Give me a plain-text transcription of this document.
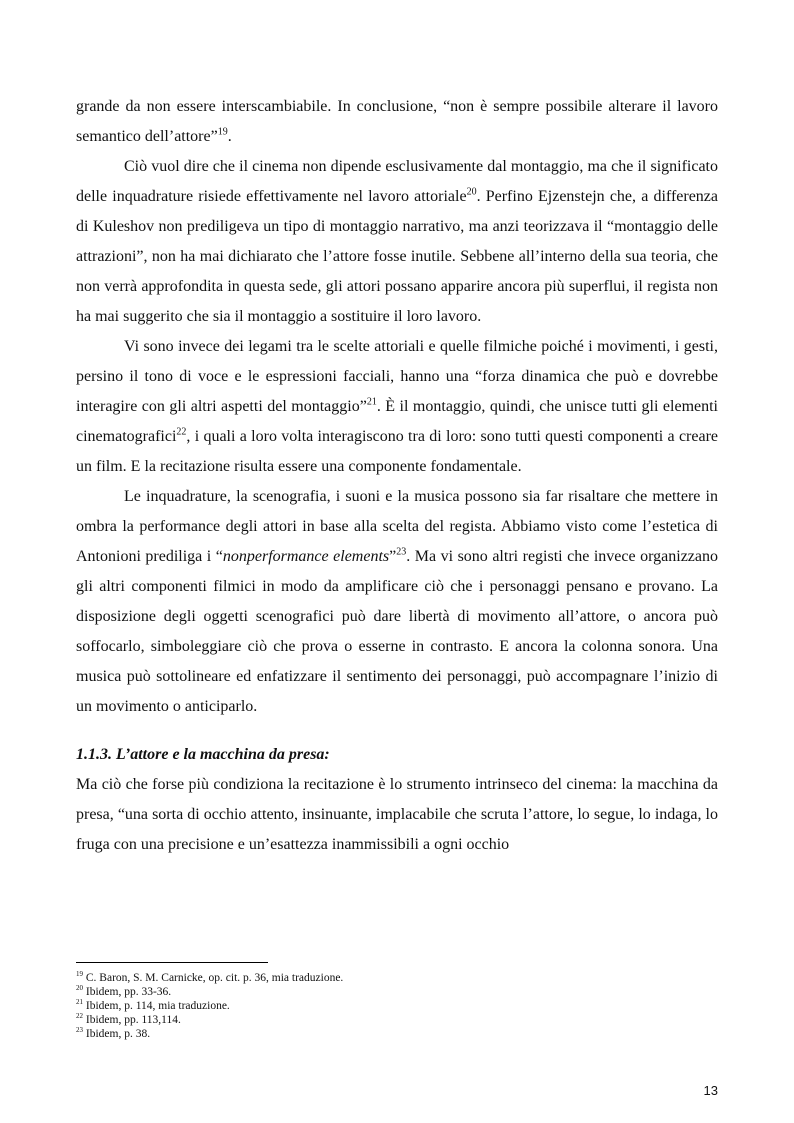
grande da non essere interscambiabile. In conclusione, “non è sempre possibile alterare il lavoro semantico dell’attore”$^{19}$.

Ciò vuol dire che il cinema non dipende esclusivamente dal montaggio, ma che il significato delle inquadrature risiede effettivamente nel lavoro attoriale$^{20}$. Perfino Ejzenstejn che, a differenza di Kuleshov non prediligeva un tipo di montaggio narrativo, ma anzi teorizzava il “montaggio delle attrazioni”, non ha mai dichiarato che l’attore fosse inutile. Sebbene all’interno della sua teoria, che non verrà approfondita in questa sede, gli attori possano apparire ancora più superflui, il regista non ha mai suggerito che sia il montaggio a sostituire il loro lavoro.

Vi sono invece dei legami tra le scelte attoriali e quelle filmiche poiché i movimenti, i gesti, persino il tono di voce e le espressioni facciali, hanno una “forza dinamica che può e dovrebbe interagire con gli altri aspetti del montaggio”$^{21}$. È il montaggio, quindi, che unisce tutti gli elementi cinematografici$^{22}$, i quali a loro volta interagiscono tra di loro: sono tutti questi componenti a creare un film. E la recitazione risulta essere una componente fondamentale.

Le inquadrature, la scenografia, i suoni e la musica possono sia far risaltare che mettere in ombra la performance degli attori in base alla scelta del regista. Abbiamo visto come l’estetica di Antonioni prediliga i “nonperformance elements”$^{23}$. Ma vi sono altri registi che invece organizzano gli altri componenti filmici in modo da amplificare ciò che i personaggi pensano e provano. La disposizione degli oggetti scenografici può dare libertà di movimento all’attore, o ancora può soffocarlo, simboleggiare ciò che prova o esserne in contrasto. E ancora la colonna sonora. Una musica può sottolineare ed enfatizzare il sentimento dei personaggi, può accompagnare l’inizio di un movimento o anticiparlo.

1.1.3. L’attore e la macchina da presa:

Ma ciò che forse più condiziona la recitazione è lo strumento intrinseco del cinema: la macchina da presa, “una sorta di occhio attento, insinuante, implacabile che scruta l’attore, lo segue, lo indaga, lo fruga con una precisione e un’esattezza inammissibili a ogni occhio

$^{19}$ C. Baron, S. M. Carnicke, op. cit. p. 36, mia traduzione.

$^{20}$ Ibidem, pp. 33-36.

$^{21}$ Ibidem, p. 114, mia traduzione.

$^{22}$ Ibidem, pp. 113,114.

$^{23}$ Ibidem, p. 38.

13
